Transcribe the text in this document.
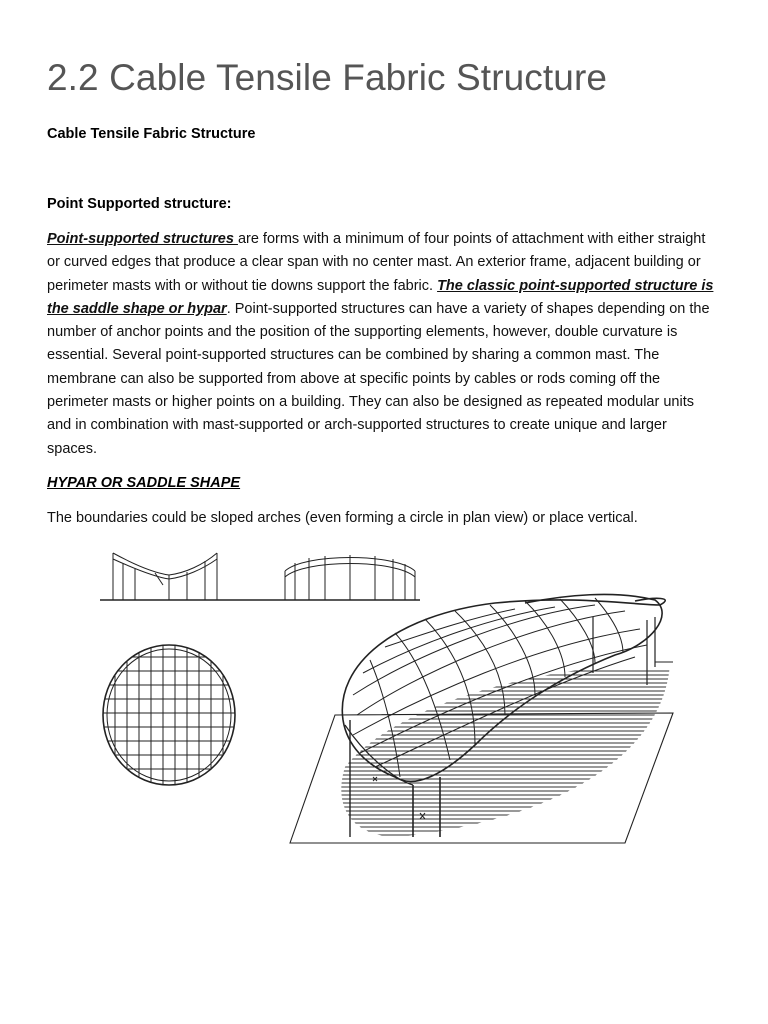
2.2 Cable Tensile Fabric Structure
Cable Tensile Fabric Structure
Point Supported structure:

Point-supported structures are forms with a minimum of four points of attachment with either straight or curved edges that produce a clear span with no center mast. An exterior frame, adjacent building or perimeter masts with or without tie downs support the fabric. The classic point-supported structure is the saddle shape or hypar. Point-supported structures can have a variety of shapes depending on the number of anchor points and the position of the supporting elements, however, double curvature is essential. Several point-supported structures can be combined by sharing a common mast. The membrane can also be supported from above at specific points by cables or rods coming off the perimeter masts or higher points on a building. They can also be designed as repeated modular units and in combination with mast-supported or arch-supported structures to create unique and larger spaces.

HYPAR OR SADDLE SHAPE

The boundaries could be sloped arches (even forming a circle in plan view) or place vertical.
